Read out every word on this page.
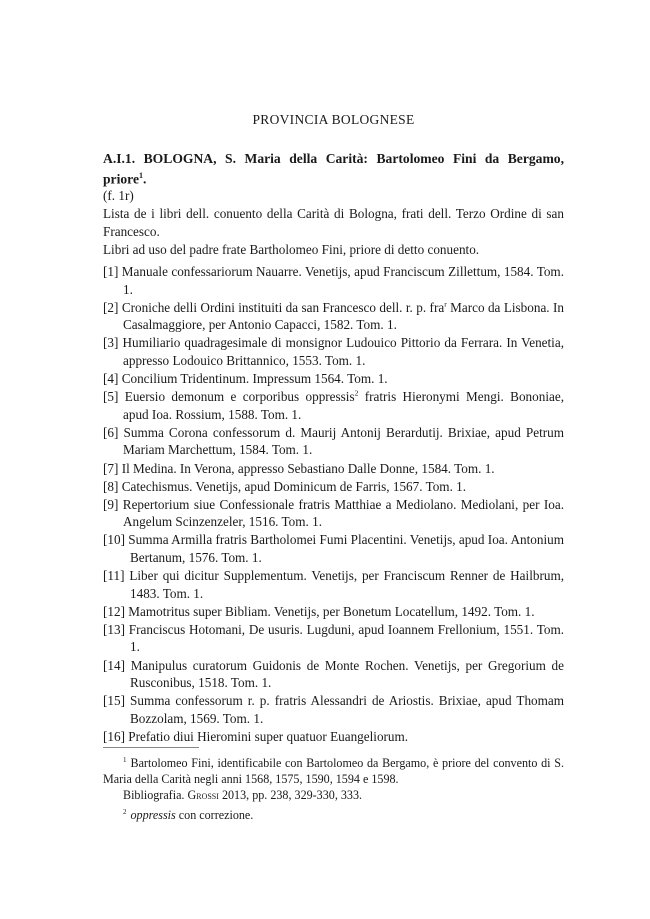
PROVINCIA BOLOGNESE
A.I.1. BOLOGNA, S. Maria della Carità: Bartolomeo Fini da Bergamo, priore$^1$.

(f. 1r)

Lista de i libri dell. conuento della Carità di Bologna, frati dell. Terzo Ordine di san Francesco.

Libri ad uso del padre frate Bartholomeo Fini, priore di detto conuento.

[1] Manuale confessariorum Nauarre. Venetijs, apud Franciscum Zillettum, 1584. Tom. 1.
[2] Croniche delli Ordini instituiti da san Francesco dell. r. p. fra$^r$ Marco da Lisbona. In Casalmaggiore, per Antonio Capacci, 1582. Tom. 1.
[3] Humiliario quadragesimale di monsignor Ludouico Pittorio da Ferrara. In Venetia, appresso Lodouico Brittannico, 1553. Tom. 1.
[4] Concilium Tridentinum. Impressum 1564. Tom. 1.
[5] Euersio demonum e corporibus oppressis$^2$ fratris Hieronymi Mengi. Bononiae, apud Ioa. Rossium, 1588. Tom. 1.
[6] Summa Corona confessorum d. Maurij Antonij Berardutij. Brixiae, apud Petrum Mariam Marchettum, 1584. Tom. 1.
[7] Il Medina. In Verona, appresso Sebastiano Dalle Donne, 1584. Tom. 1.
[8] Catechismus. Venetijs, apud Dominicum de Farris, 1567. Tom. 1.
[9] Repertorium siue Confessionale fratris Matthiae a Mediolano. Mediolani, per Ioa. Angelum Scinzenzeler, 1516. Tom. 1.
[10] Summa Armilla fratris Bartholomei Fumi Placentini. Venetijs, apud Ioa. Antonium Bertanum, 1576. Tom. 1.
[11] Liber qui dicitur Supplementum. Venetijs, per Franciscum Renner de Hailbrum, 1483. Tom. 1.
[12] Mamotritus super Bibliam. Venetijs, per Bonetum Locatellum, 1492. Tom. 1.
[13] Franciscus Hotomani, De usuris. Lugduni, apud Ioannem Frellonium, 1551. Tom. 1.
[14] Manipulus curatorum Guidonis de Monte Rochen. Venetijs, per Gregorium de Rusconibus, 1518. Tom. 1.
[15] Summa confessorum r. p. fratris Alessandri de Ariostis. Brixiae, apud Thomam Bozzolam, 1569. Tom. 1.
[16] Prefatio diui Hieromini super quatuor Euangeliorum.

$^1$ Bartolomeo Fini, identificabile con Bartolomeo da Bergamo, è priore del convento di S. Maria della Carità negli anni 1568, 1575, 1590, 1594 e 1598.

Bibliografia. Grossi 2013, pp. 238, 329-330, 333.

$^2$ oppressis con correzione.
